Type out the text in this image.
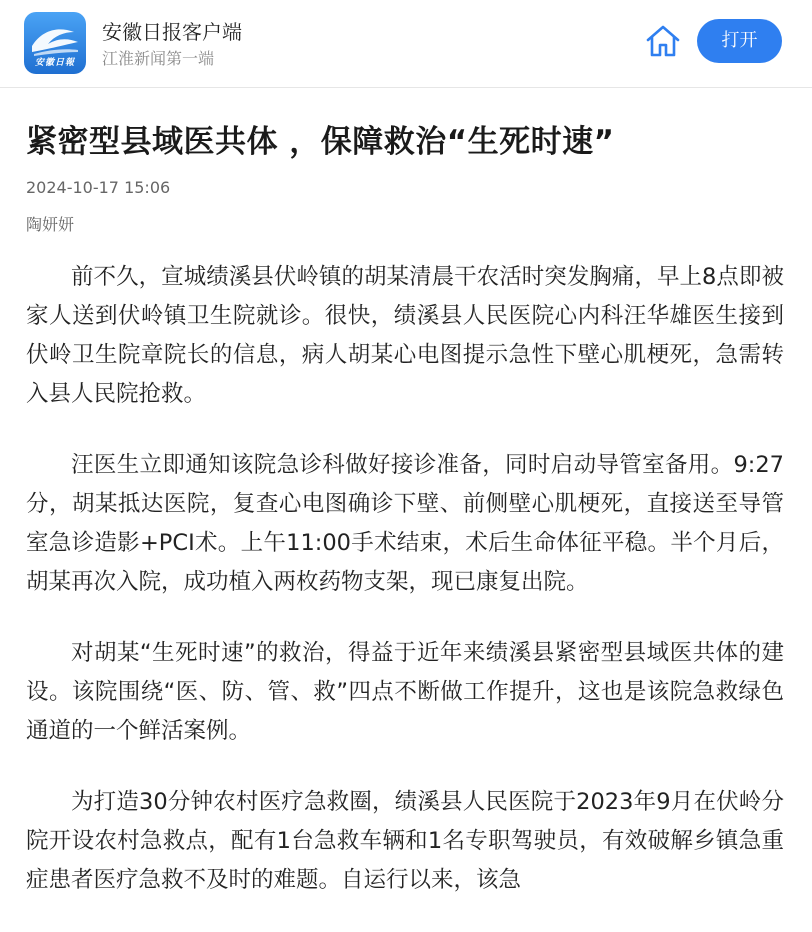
安徽日報
安徽日报客户端
江淮新闻第一端
打开
紧密型县域医共体 ，保障救治“生死时速”
2024-10-17 15:06
陶妍妍

前不久，宣城绩溪县伏岭镇的胡某清晨干农活时突发胸痛，早上8点即被家人送到伏岭镇卫生院就诊。很快，绩溪县人民医院心内科汪华雄医生接到伏岭卫生院章院长的信息，病人胡某心电图提示急性下壁心肌梗死，急需转入县人民院抢救。

汪医生立即通知该院急诊科做好接诊准备，同时启动导管室备用。9:27分，胡某抵达医院，复查心电图确诊下壁、前侧壁心肌梗死，直接送至导管室急诊造影+PCI术。上午11:00手术结束，术后生命体征平稳。半个月后，胡某再次入院，成功植入两枚药物支架，现已康复出院。

对胡某“生死时速”的救治，得益于近年来绩溪县紧密型县域医共体的建设。该院围绕“医、防、管、救”四点不断做工作提升，这也是该院急救绿色通道的一个鲜活案例。

为打造30分钟农村医疗急救圈，绩溪县人民医院于2023年9月在伏岭分院开设农村急救点，配有1台急救车辆和1名专职驾驶员，有效破解乡镇急重症患者医疗急救不及时的难题。自运行以来，该急
